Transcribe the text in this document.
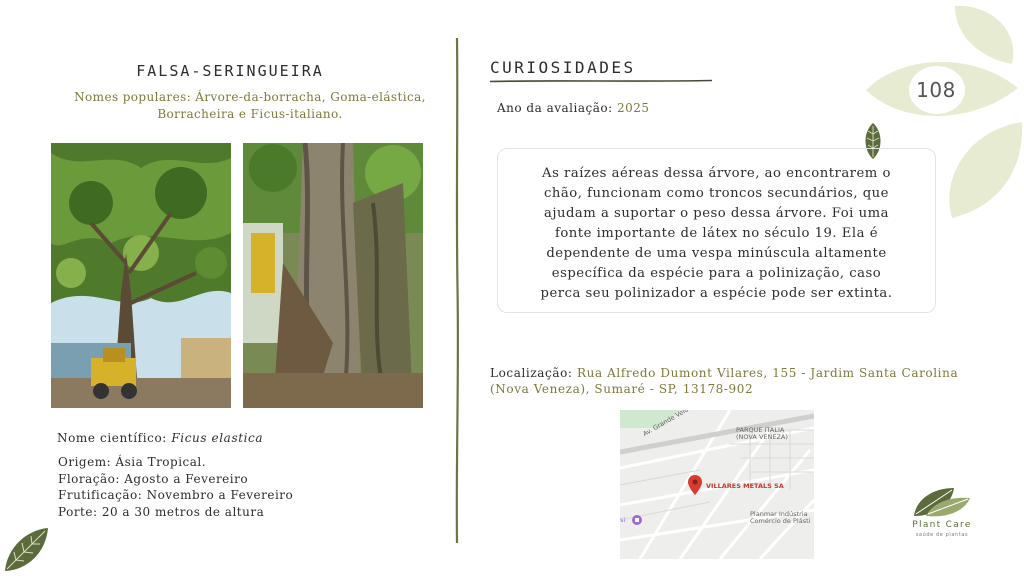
108
FALSA-SERINGUEIRA
Nomes populares: Árvore-da-borracha, Goma-elástica,
Borracheira e Ficus-italiano.
Nome científico: Ficus elastica
Origem: Ásia Tropical.
Floração: Agosto a Fevereiro
Frutificação: Novembro a Fevereiro
Porte: 20 a 30 metros de altura
CURIOSIDADES
Ano da avaliação: 2025

As raízes aéreas dessa árvore, ao encontrarem o
chão, funcionam como troncos secundários, que
ajudam a suportar o peso dessa árvore. Foi uma
fonte importante de látex no século 19. Ela é
dependente de uma vespa minúscula altamente
específica da espécie para a polinização, caso
perca seu polinizador a espécie pode ser extinta.

Localização: Rua Alfredo Dumont Vilares, 155 - Jardim Santa Carolina
(Nova Veneza), Sumaré - SP, 13178-902
PARQUE ITALIA
(NOVA VENEZA)
VILLARES METALS SA
Planmar Indústria
Comércio de Plásti
si	Plant Care
saúde de plantas
